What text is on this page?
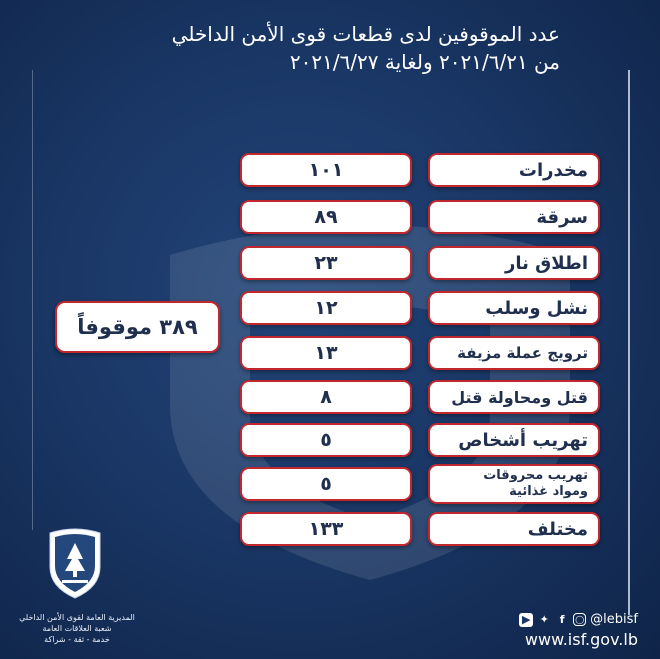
عدد الموقوفين لدى قطعات قوى الأمن الداخلي
من ٢٠٢١/٦/٢١ ولغاية ٢٠٢١/٦/٢٧
مخدرات
١٠١
سرقة
٨٩
اطلاق نار
٢٣
نشل وسلب
١٢
ترويج عملة مزيفة
١٣
قتل ومحاولة قتل
٨
تهريب أشخاص
٥
تهريب محروقات
ومواد غذائية
٥
مختلف
١٣٣
٣٨٩ موقوفاً
المديرية العامة لقوى الأمن الداخلي
شعبة العلاقات العامة
خدمة - ثقة - شراكة
▶ ✦ f	◯ @lebisf
www.isf.gov.lb
